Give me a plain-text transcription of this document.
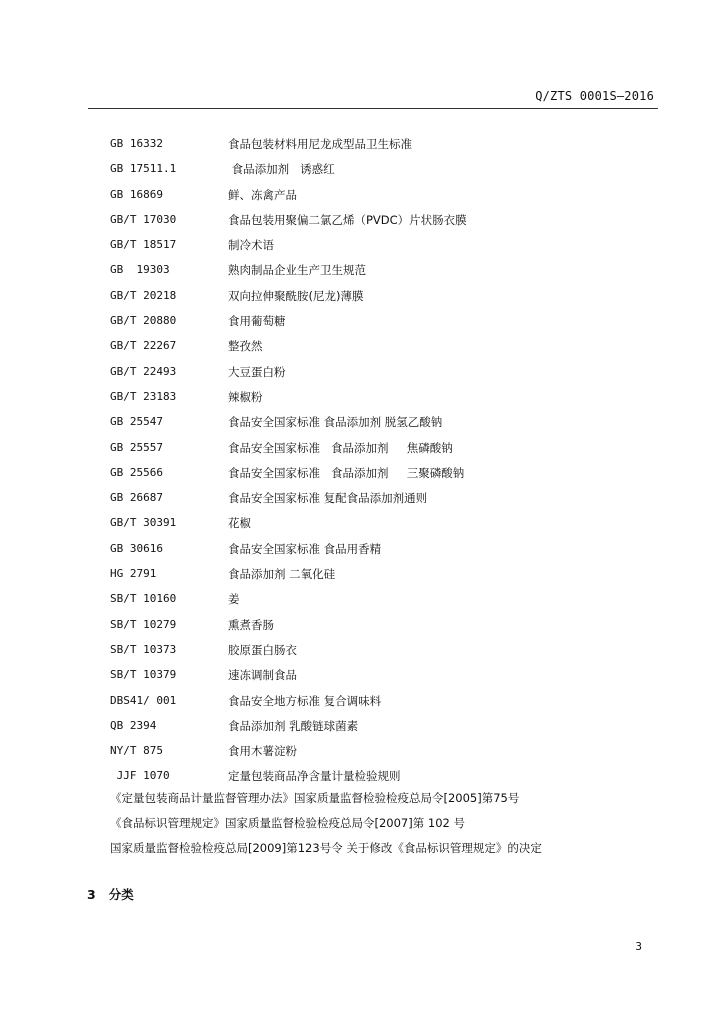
Q/ZTS 0001S—2016
GB 16332	食品包装材料用尼龙成型品卫生标准
GB 17511.1	食品添加剂   诱惑红
GB 16869	鲜、冻禽产品
GB/T 17030	食品包装用聚偏二氯乙烯（PVDC）片状肠衣膜
GB/T 18517	制冷术语
GB  19303	熟肉制品企业生产卫生规范
GB/T 20218	双向拉伸聚酰胺(尼龙)薄膜
GB/T 20880	食用葡萄糖
GB/T 22267	整孜然
GB/T 22493	大豆蛋白粉
GB/T 23183	辣椒粉
GB 25547	食品安全国家标准 食品添加剂 脱氢乙酸钠
GB 25557	食品安全国家标准   食品添加剂     焦磷酸钠
GB 25566	食品安全国家标准   食品添加剂     三聚磷酸钠
GB 26687	食品安全国家标准 复配食品添加剂通则
GB/T 30391	花椒
GB 30616	食品安全国家标准 食品用香精
HG 2791	食品添加剂 二氧化硅
SB/T 10160	姜
SB/T 10279	熏煮香肠
SB/T 10373	胶原蛋白肠衣
SB/T 10379	速冻调制食品
DBS41/ 001	食品安全地方标准 复合调味料
QB 2394	食品添加剂 乳酸链球菌素
NY/T 875	食用木薯淀粉
JJF 1070	定量包装商品净含量计量检验规则
《定量包装商品计量监督管理办法》国家质量监督检验检疫总局令[2005]第75号
《食品标识管理规定》国家质量监督检验检疫总局令[2007]第 102 号
国家质量监督检验检疫总局[2009]第123号令 关于修改《食品标识管理规定》的决定
3 分类
3
